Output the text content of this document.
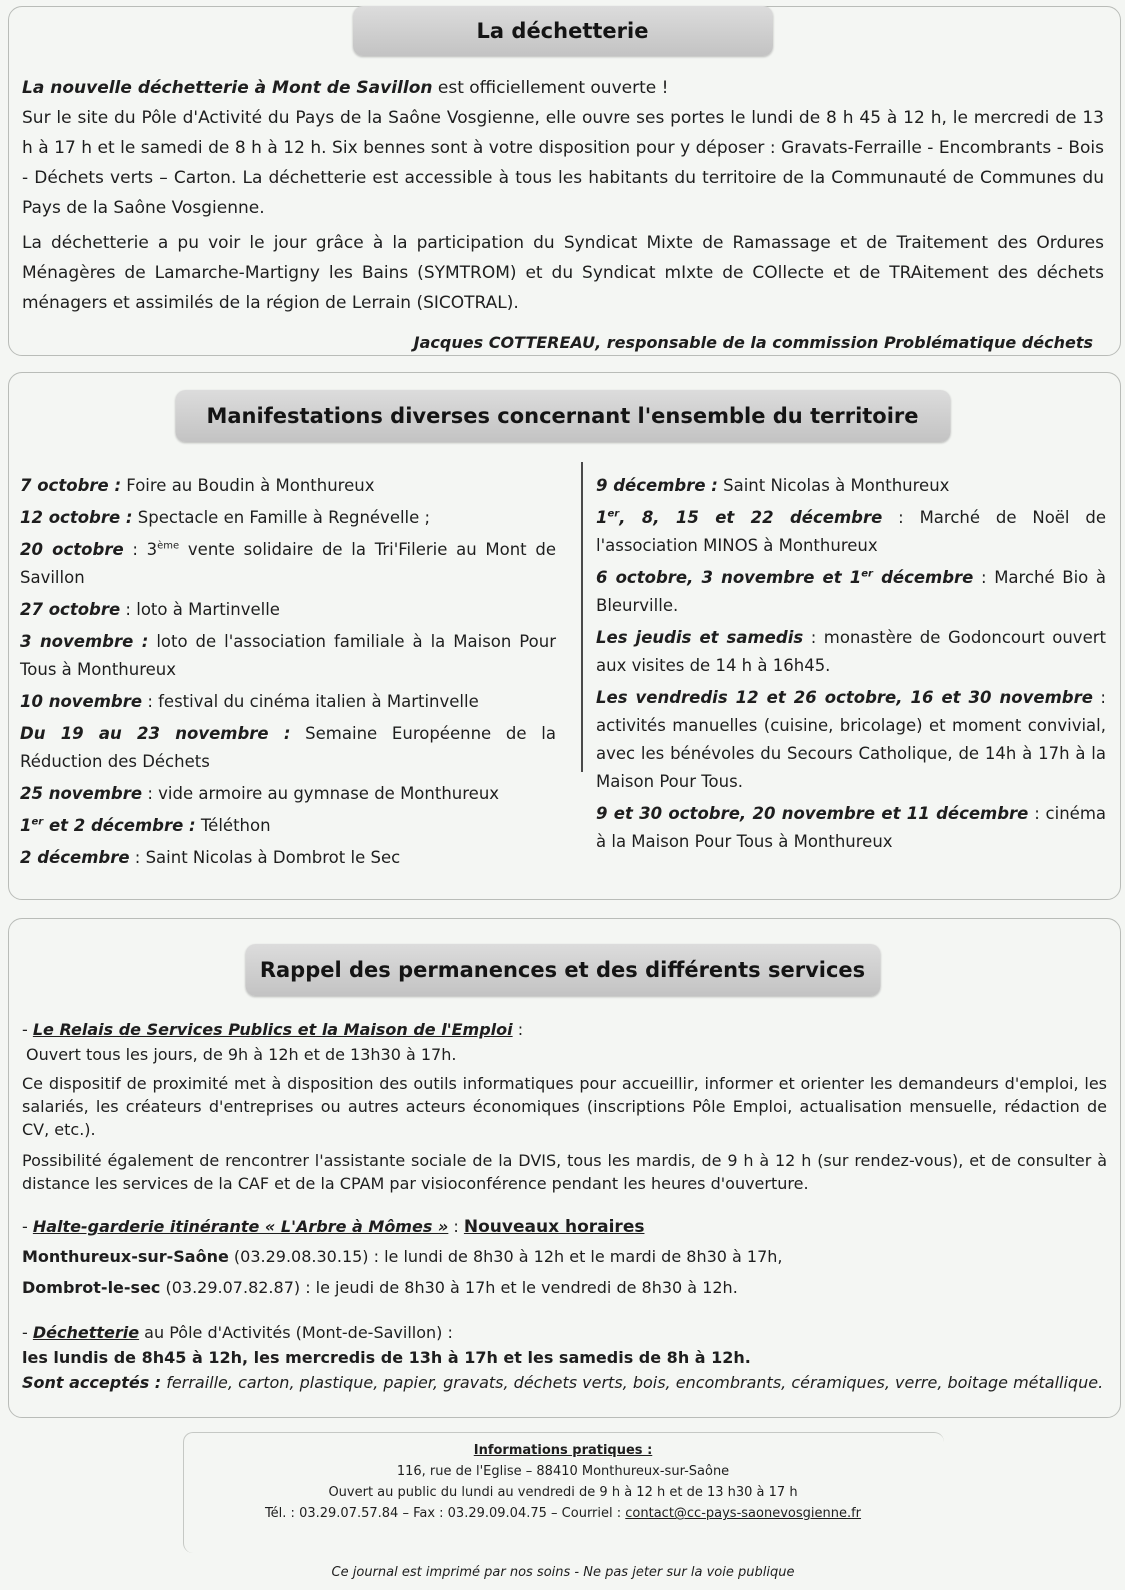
La déchetterie

La nouvelle déchetterie à Mont de Savillon est officiellement ouverte !

Sur le site du Pôle d'Activité du Pays de la Saône Vosgienne, elle ouvre ses portes le lundi de 8 h 45 à 12 h, le mercredi de 13 h à 17 h et le samedi de 8 h à 12 h. Six bennes sont à votre disposition pour y déposer : Gravats-Ferraille - Encombrants - Bois - Déchets verts – Carton. La déchetterie est accessible à tous les habitants du territoire de la Communauté de Communes du Pays de la Saône Vosgienne.

La déchetterie a pu voir le jour grâce à la participation du Syndicat Mixte de Ramassage et de Traitement des Ordures Ménagères de Lamarche-Martigny les Bains (SYMTROM) et du Syndicat mIxte de COllecte et de TRAitement des déchets ménagers et assimilés de la région de Lerrain (SICOTRAL).

Jacques COTTEREAU, responsable de la commission Problématique déchets

Manifestations diverses concernant l'ensemble du territoire

7 octobre : Foire au Boudin à Monthureux

12 octobre : Spectacle en Famille à Regnévelle ;

20 octobre : 3ème vente solidaire de la Tri'Filerie au Mont de Savillon

27 octobre : loto à Martinvelle

3 novembre : loto de l'association familiale à la Maison Pour Tous à Monthureux

10 novembre : festival du cinéma italien à Martinvelle

Du 19 au 23 novembre : Semaine Européenne de la Réduction des Déchets

25 novembre : vide armoire au gymnase de Monthureux

1er et 2 décembre : Téléthon

2 décembre : Saint Nicolas à Dombrot le Sec

9 décembre : Saint Nicolas à Monthureux

1er, 8, 15 et 22 décembre : Marché de Noël de l'association MINOS à Monthureux

6 octobre, 3 novembre et 1er décembre : Marché Bio à Bleurville.

Les jeudis et samedis : monastère de Godoncourt ouvert aux visites de 14 h à 16h45.

Les vendredis 12 et 26 octobre, 16 et 30 novembre : activités manuelles (cuisine, bricolage) et moment convivial, avec les bénévoles du Secours Catholique, de 14h à 17h à la Maison Pour Tous.

9 et 30 octobre, 20 novembre et 11 décembre : cinéma à la Maison Pour Tous à Monthureux

Rappel des permanences et des différents services

- Le Relais de Services Publics et la Maison de l'Emploi :

Ouvert tous les jours, de 9h à 12h et de 13h30 à 17h.

Ce dispositif de proximité met à disposition des outils informatiques pour accueillir, informer et orienter les demandeurs d'emploi, les salariés, les créateurs d'entreprises ou autres acteurs économiques (inscriptions Pôle Emploi, actualisation mensuelle, rédaction de CV, etc.).

Possibilité également de rencontrer l'assistante sociale de la DVIS, tous les mardis, de 9 h à 12 h (sur rendez-vous), et de consulter à distance les services de la CAF et de la CPAM par visioconférence pendant les heures d'ouverture.

- Halte-garderie itinérante « L'Arbre à Mômes » : Nouveaux horaires

Monthureux-sur-Saône (03.29.08.30.15) : le lundi de 8h30 à 12h et le mardi de 8h30 à 17h,

Dombrot-le-sec (03.29.07.82.87) : le jeudi de 8h30 à 17h et le vendredi de 8h30 à 12h.

- Déchetterie au Pôle d'Activités (Mont-de-Savillon) :

les lundis de 8h45 à 12h, les mercredis de 13h à 17h et les samedis de 8h à 12h.

Sont acceptés : ferraille, carton, plastique, papier, gravats, déchets verts, bois, encombrants, céramiques, verre, boitage métallique.

Informations pratiques :

116, rue de l'Eglise – 88410 Monthureux-sur-Saône

Ouvert au public du lundi au vendredi de 9 h à 12 h et de 13 h30 à 17 h

Tél. : 03.29.07.57.84 – Fax : 03.29.09.04.75 – Courriel : contact@cc-pays-saonevosgienne.fr

Ce journal est imprimé par nos soins - Ne pas jeter sur la voie publique
